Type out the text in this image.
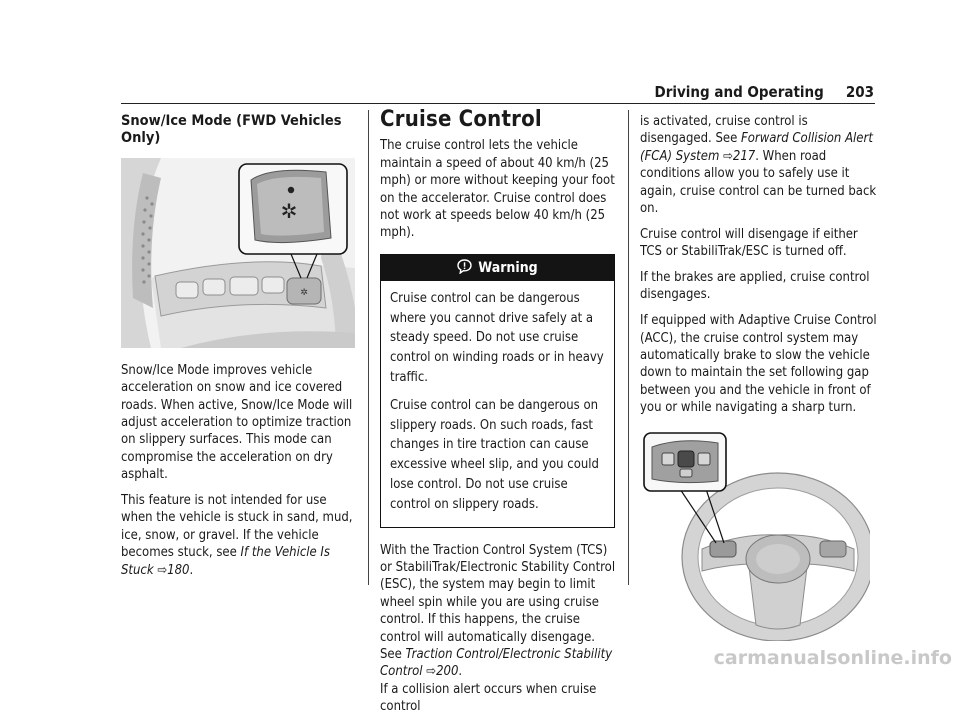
Driving and Operating 203
Snow/Ice Mode (FWD Vehicles Only)
✲
✲

Snow/Ice Mode improves vehicle acceleration on snow and ice covered roads. When active, Snow/Ice Mode will adjust acceleration to optimize traction on slippery surfaces. This mode can compromise the acceleration on dry asphalt.

This feature is not intended for use when the vehicle is stuck in sand, mud, ice, snow, or gravel. If the vehicle becomes stuck, see If the Vehicle Is Stuck ⇨180.

Cruise Control

The cruise control lets the vehicle maintain a speed of about 40 km/h (25 mph) or more without keeping your foot on the accelerator. Cruise control does not work at speeds below 40 km/h (25 mph).

Warning

Cruise control can be dangerous where you cannot drive safely at a steady speed. Do not use cruise control on winding roads or in heavy traffic.

Cruise control can be dangerous on slippery roads. On such roads, fast changes in tire traction can cause excessive wheel slip, and you could lose control. Do not use cruise control on slippery roads.

With the Traction Control System (TCS) or StabiliTrak/Electronic Stability Control (ESC), the system may begin to limit wheel spin while you are using cruise control. If this happens, the cruise control will automatically disengage. See Traction Control/Electronic Stability Control ⇨200.
If a collision alert occurs when cruise control

is activated, cruise control is disengaged. See Forward Collision Alert (FCA) System ⇨217. When road conditions allow you to safely use it again, cruise control can be turned back on.

Cruise control will disengage if either TCS or StabiliTrak/ESC is turned off.

If the brakes are applied, cruise control disengages.

If equipped with Adaptive Cruise Control (ACC), the cruise control system may automatically brake to slow the vehicle down to maintain the set following gap between you and the vehicle in front of you or while navigating a sharp turn.

carmanualsonline.info
